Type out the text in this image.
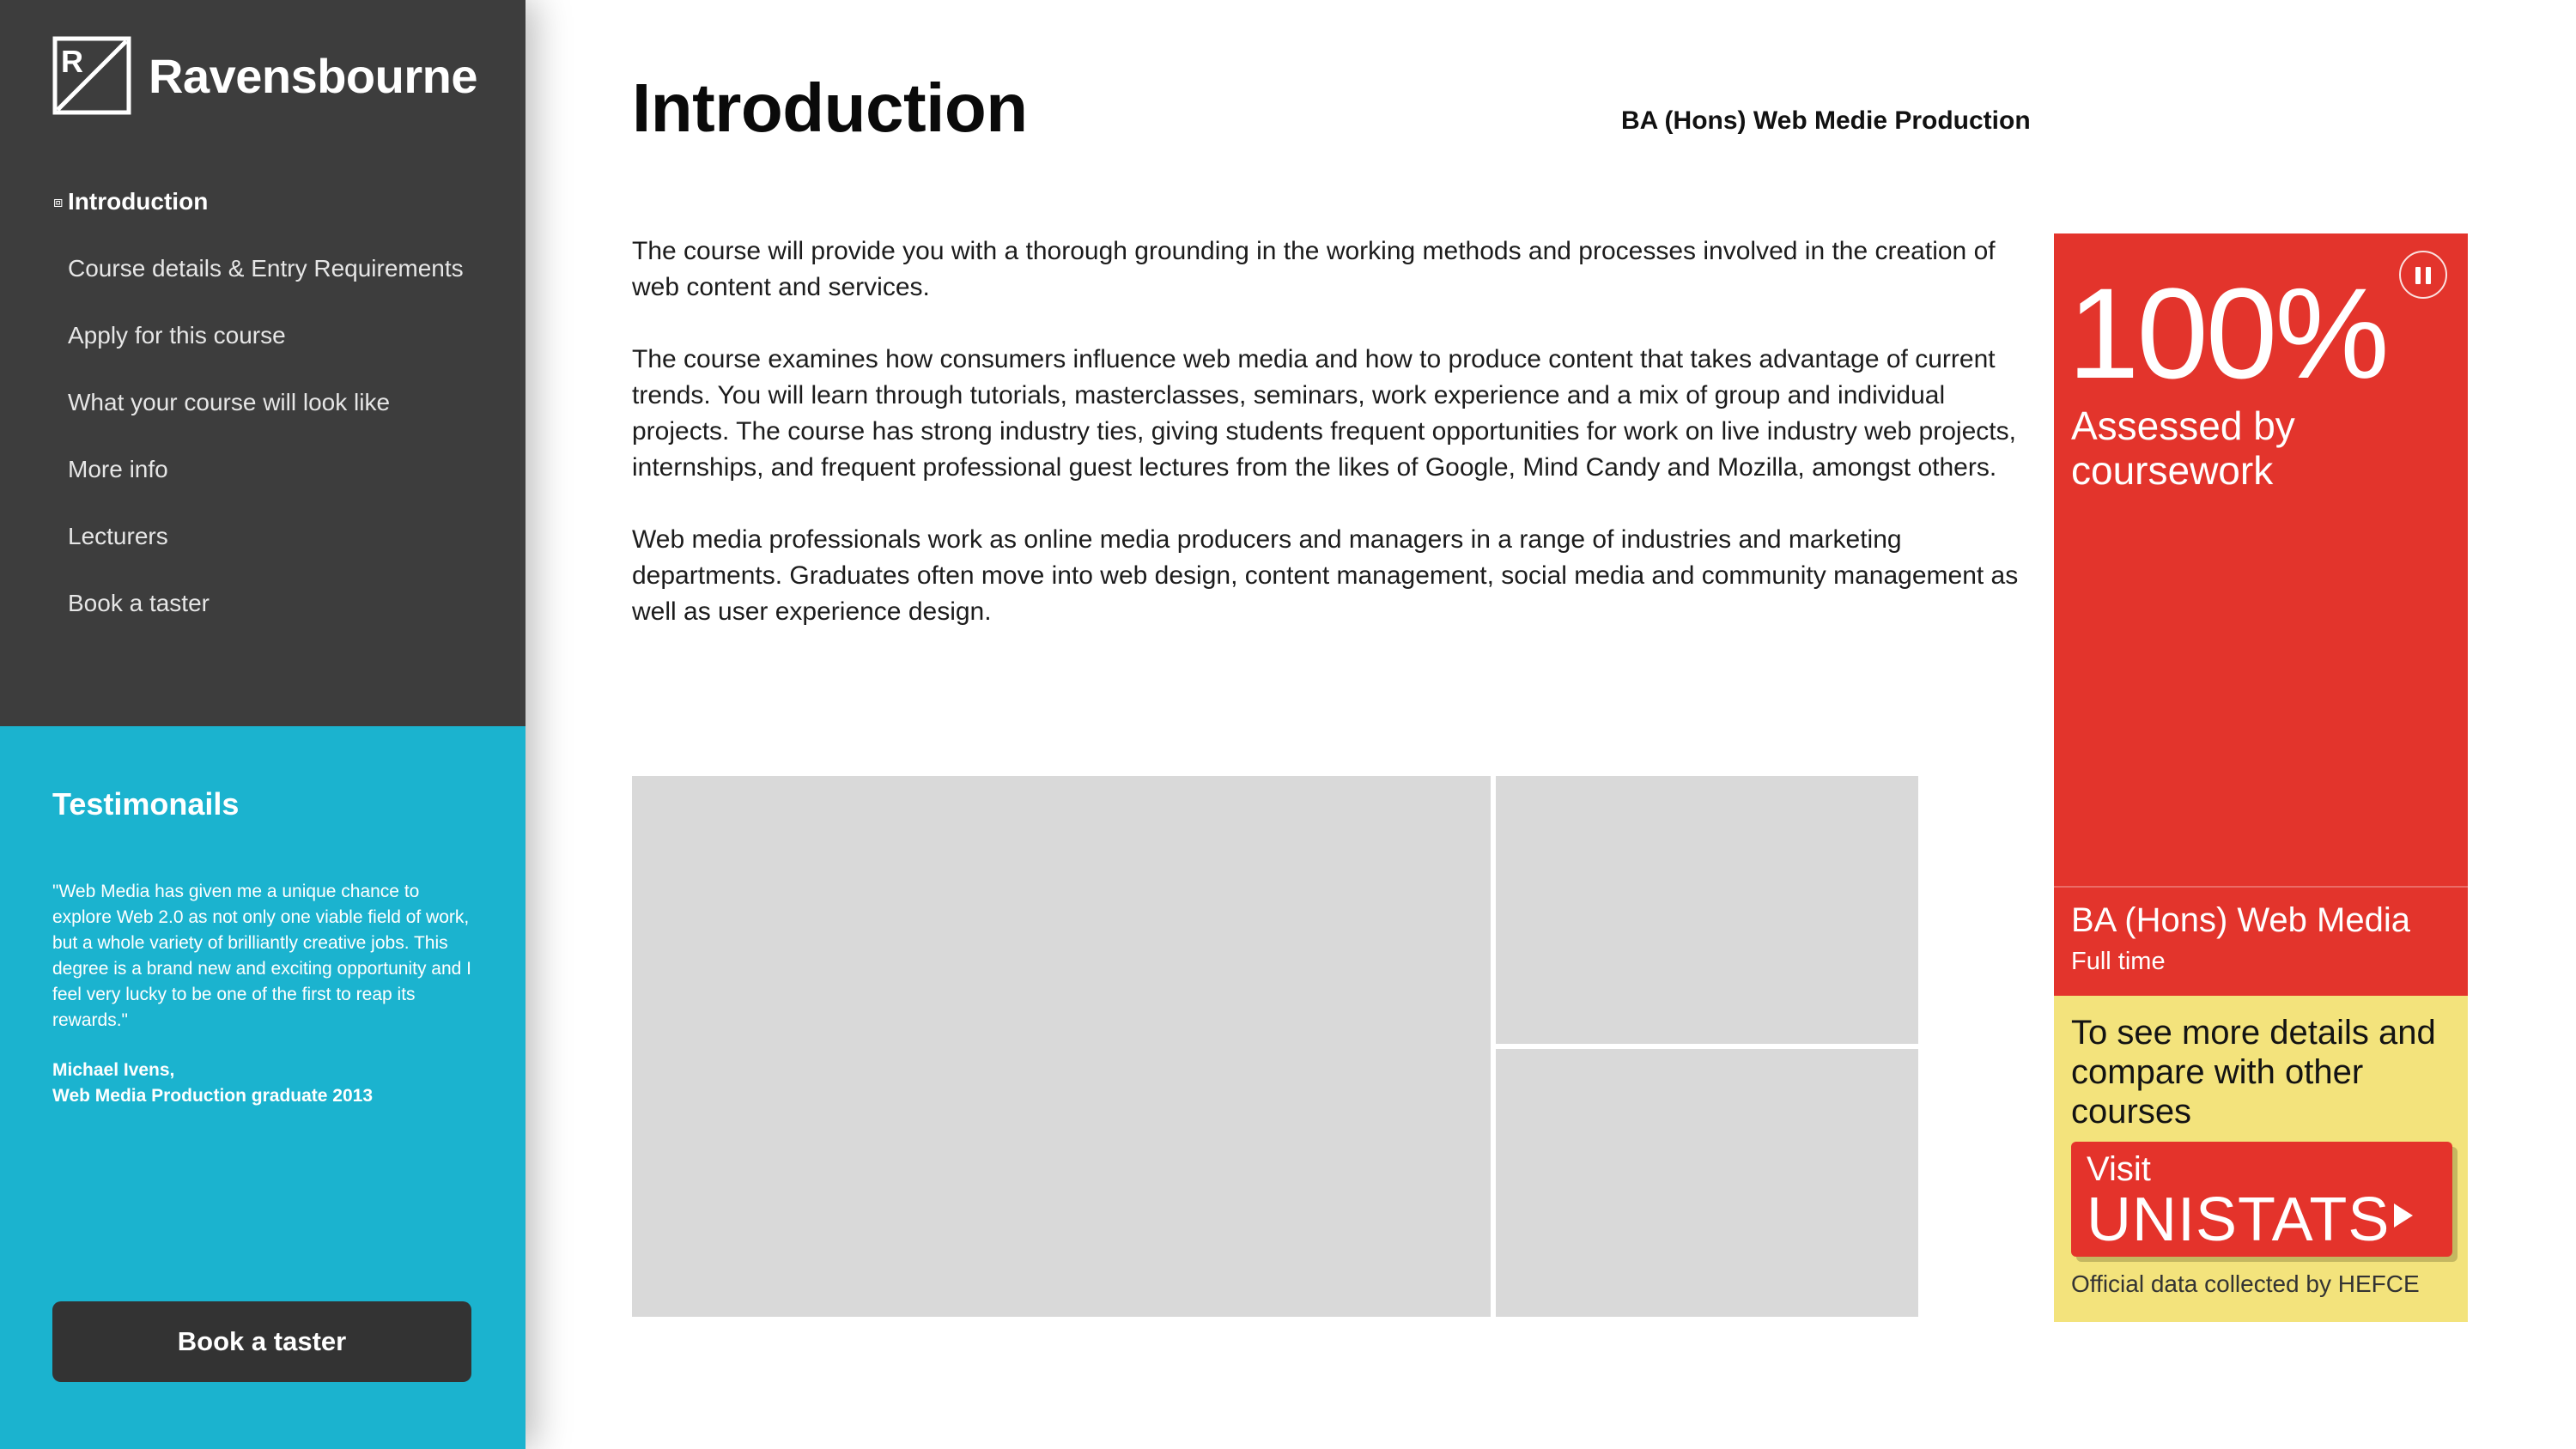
R Ravensbourne
⧈ Introduction
Course details & Entry Requirements
Apply for this course
What your course will look like
More info
Lecturers
Book a taster
Testimonails
"Web Media has given me a unique chance to explore Web 2.0 as not only one viable field of work, but a whole variety of brilliantly creative jobs. This degree is a brand new and exciting opportunity and I feel very lucky to be one of the first to reap its rewards."
Michael Ivens,
Web Media Production graduate 2013
Book a taster
Introduction	BA (Hons) Web Medie Production

The course will provide you with a thorough grounding in the working methods and processes involved in the creation of web content and services.

The course examines how consumers influence web media and how to produce content that takes advantage of current trends. You will learn through tutorials, masterclasses, seminars, work experience and a mix of group and individual projects. The course has strong industry ties, giving students frequent opportunities for work on live industry web projects, internships, and frequent professional guest lectures from the likes of Google, Mind Candy and Mozilla, amongst others.

Web media professionals work as online media producers and managers in a range of industries and marketing departments. Graduates often move into web design, content management, social media and community management as well as user experience design.

100%
Assessed by coursework
BA (Hons) Web Media
Full time
To see more details and compare with other courses
Visit
UNISTATS
Official data collected by HEFCE
